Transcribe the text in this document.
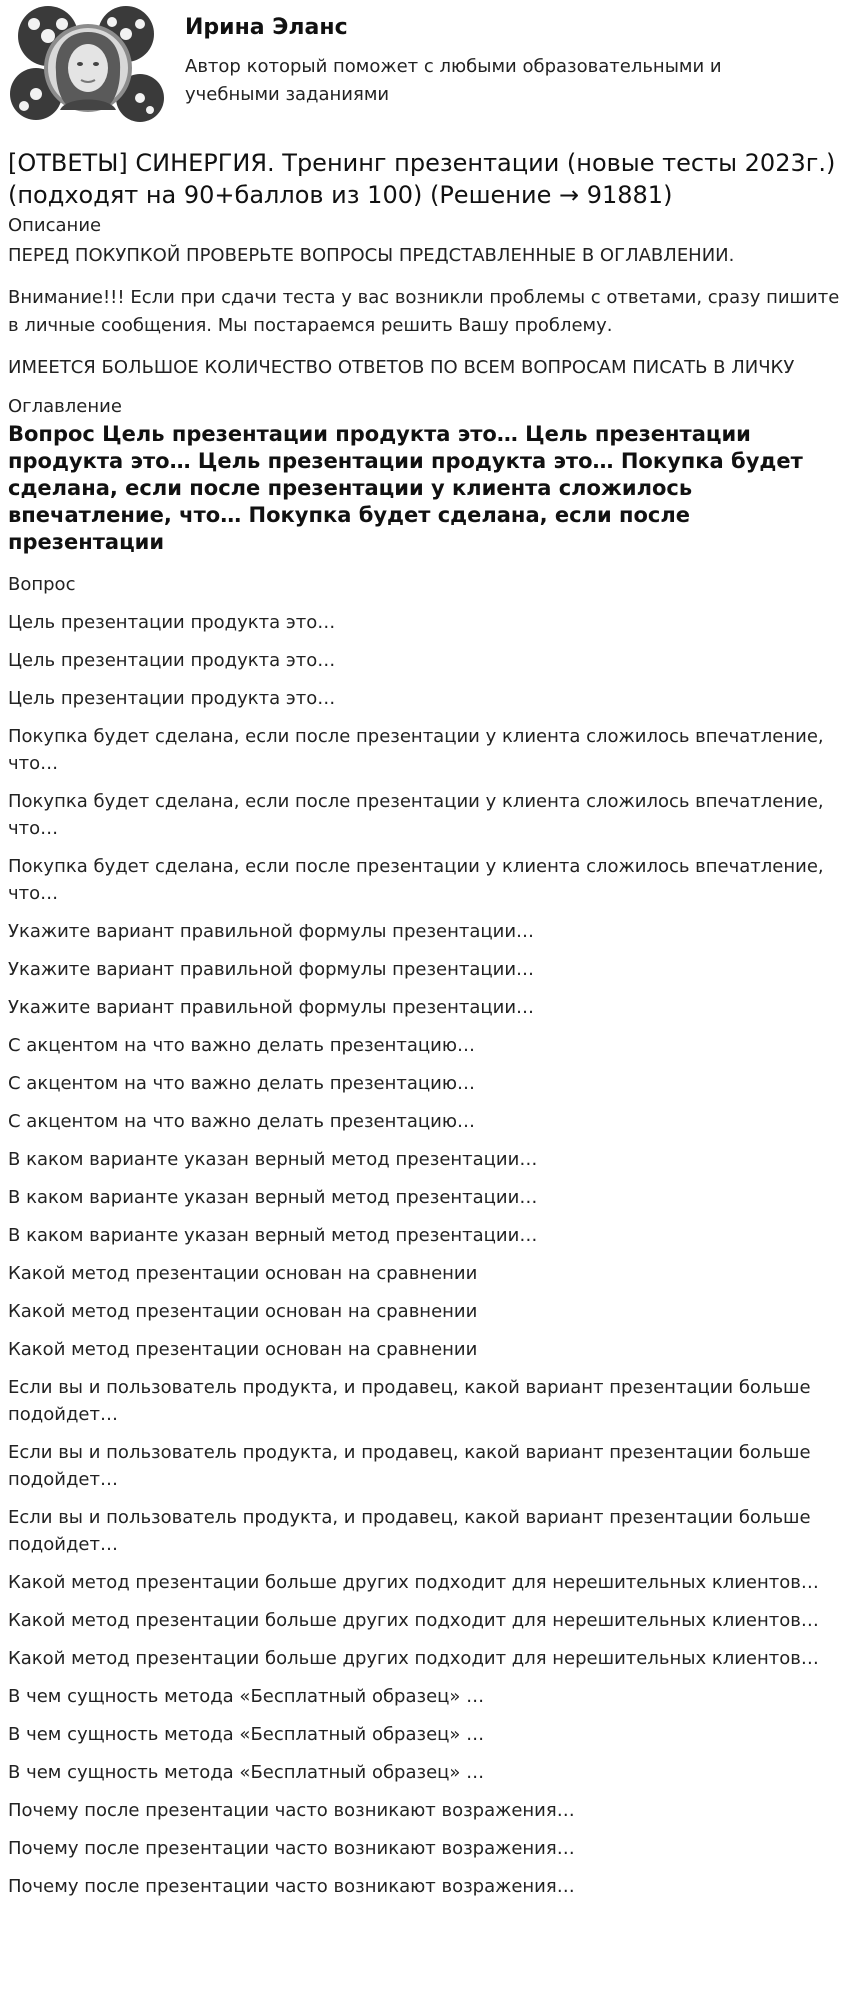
Ирина Эланс
Автор который поможет с любыми образовательными и учебными заданиями
[ОТВЕТЫ] СИНЕРГИЯ. Тренинг презентации (новые тесты 2023г.) (подходят на 90+баллов из 100) (Решение → 91881)
Описание
ПЕРЕД ПОКУПКОЙ ПРОВЕРЬТЕ ВОПРОСЫ ПРЕДСТАВЛЕННЫЕ В ОГЛАВЛЕНИИ.
Внимание!!! Если при сдачи теста у вас возникли проблемы с ответами, сразу пишите в личные сообщения. Мы постараемся решить Вашу проблему.
ИМЕЕТСЯ БОЛЬШОЕ КОЛИЧЕСТВО ОТВЕТОВ ПО ВСЕМ ВОПРОСАМ ПИСАТЬ В ЛИЧКУ
Оглавление
Вопрос Цель презентации продукта это… Цель презентации продукта это… Цель презентации продукта это… Покупка будет сделана, если после презентации у клиента сложилось впечатление, что… Покупка будет сделана, если после презентации
Вопрос
Цель презентации продукта это…
Цель презентации продукта это…
Цель презентации продукта это…
Покупка будет сделана, если после презентации у клиента сложилось впечатление, что…
Покупка будет сделана, если после презентации у клиента сложилось впечатление, что…
Покупка будет сделана, если после презентации у клиента сложилось впечатление, что…
Укажите вариант правильной формулы презентации…
Укажите вариант правильной формулы презентации…
Укажите вариант правильной формулы презентации…
С акцентом на что важно делать презентацию…
С акцентом на что важно делать презентацию…
С акцентом на что важно делать презентацию…
В каком варианте указан верный метод презентации…
В каком варианте указан верный метод презентации…
В каком варианте указан верный метод презентации…
Какой метод презентации основан на сравнении
Какой метод презентации основан на сравнении
Какой метод презентации основан на сравнении
Если вы и пользователь продукта, и продавец, какой вариант презентации больше подойдет…
Если вы и пользователь продукта, и продавец, какой вариант презентации больше подойдет…
Если вы и пользователь продукта, и продавец, какой вариант презентации больше подойдет…
Какой метод презентации больше других подходит для нерешительных клиентов…
Какой метод презентации больше других подходит для нерешительных клиентов…
Какой метод презентации больше других подходит для нерешительных клиентов…
В чем сущность метода «Бесплатный образец» …
В чем сущность метода «Бесплатный образец» …
В чем сущность метода «Бесплатный образец» …
Почему после презентации часто возникают возражения…
Почему после презентации часто возникают возражения…
Почему после презентации часто возникают возражения…
